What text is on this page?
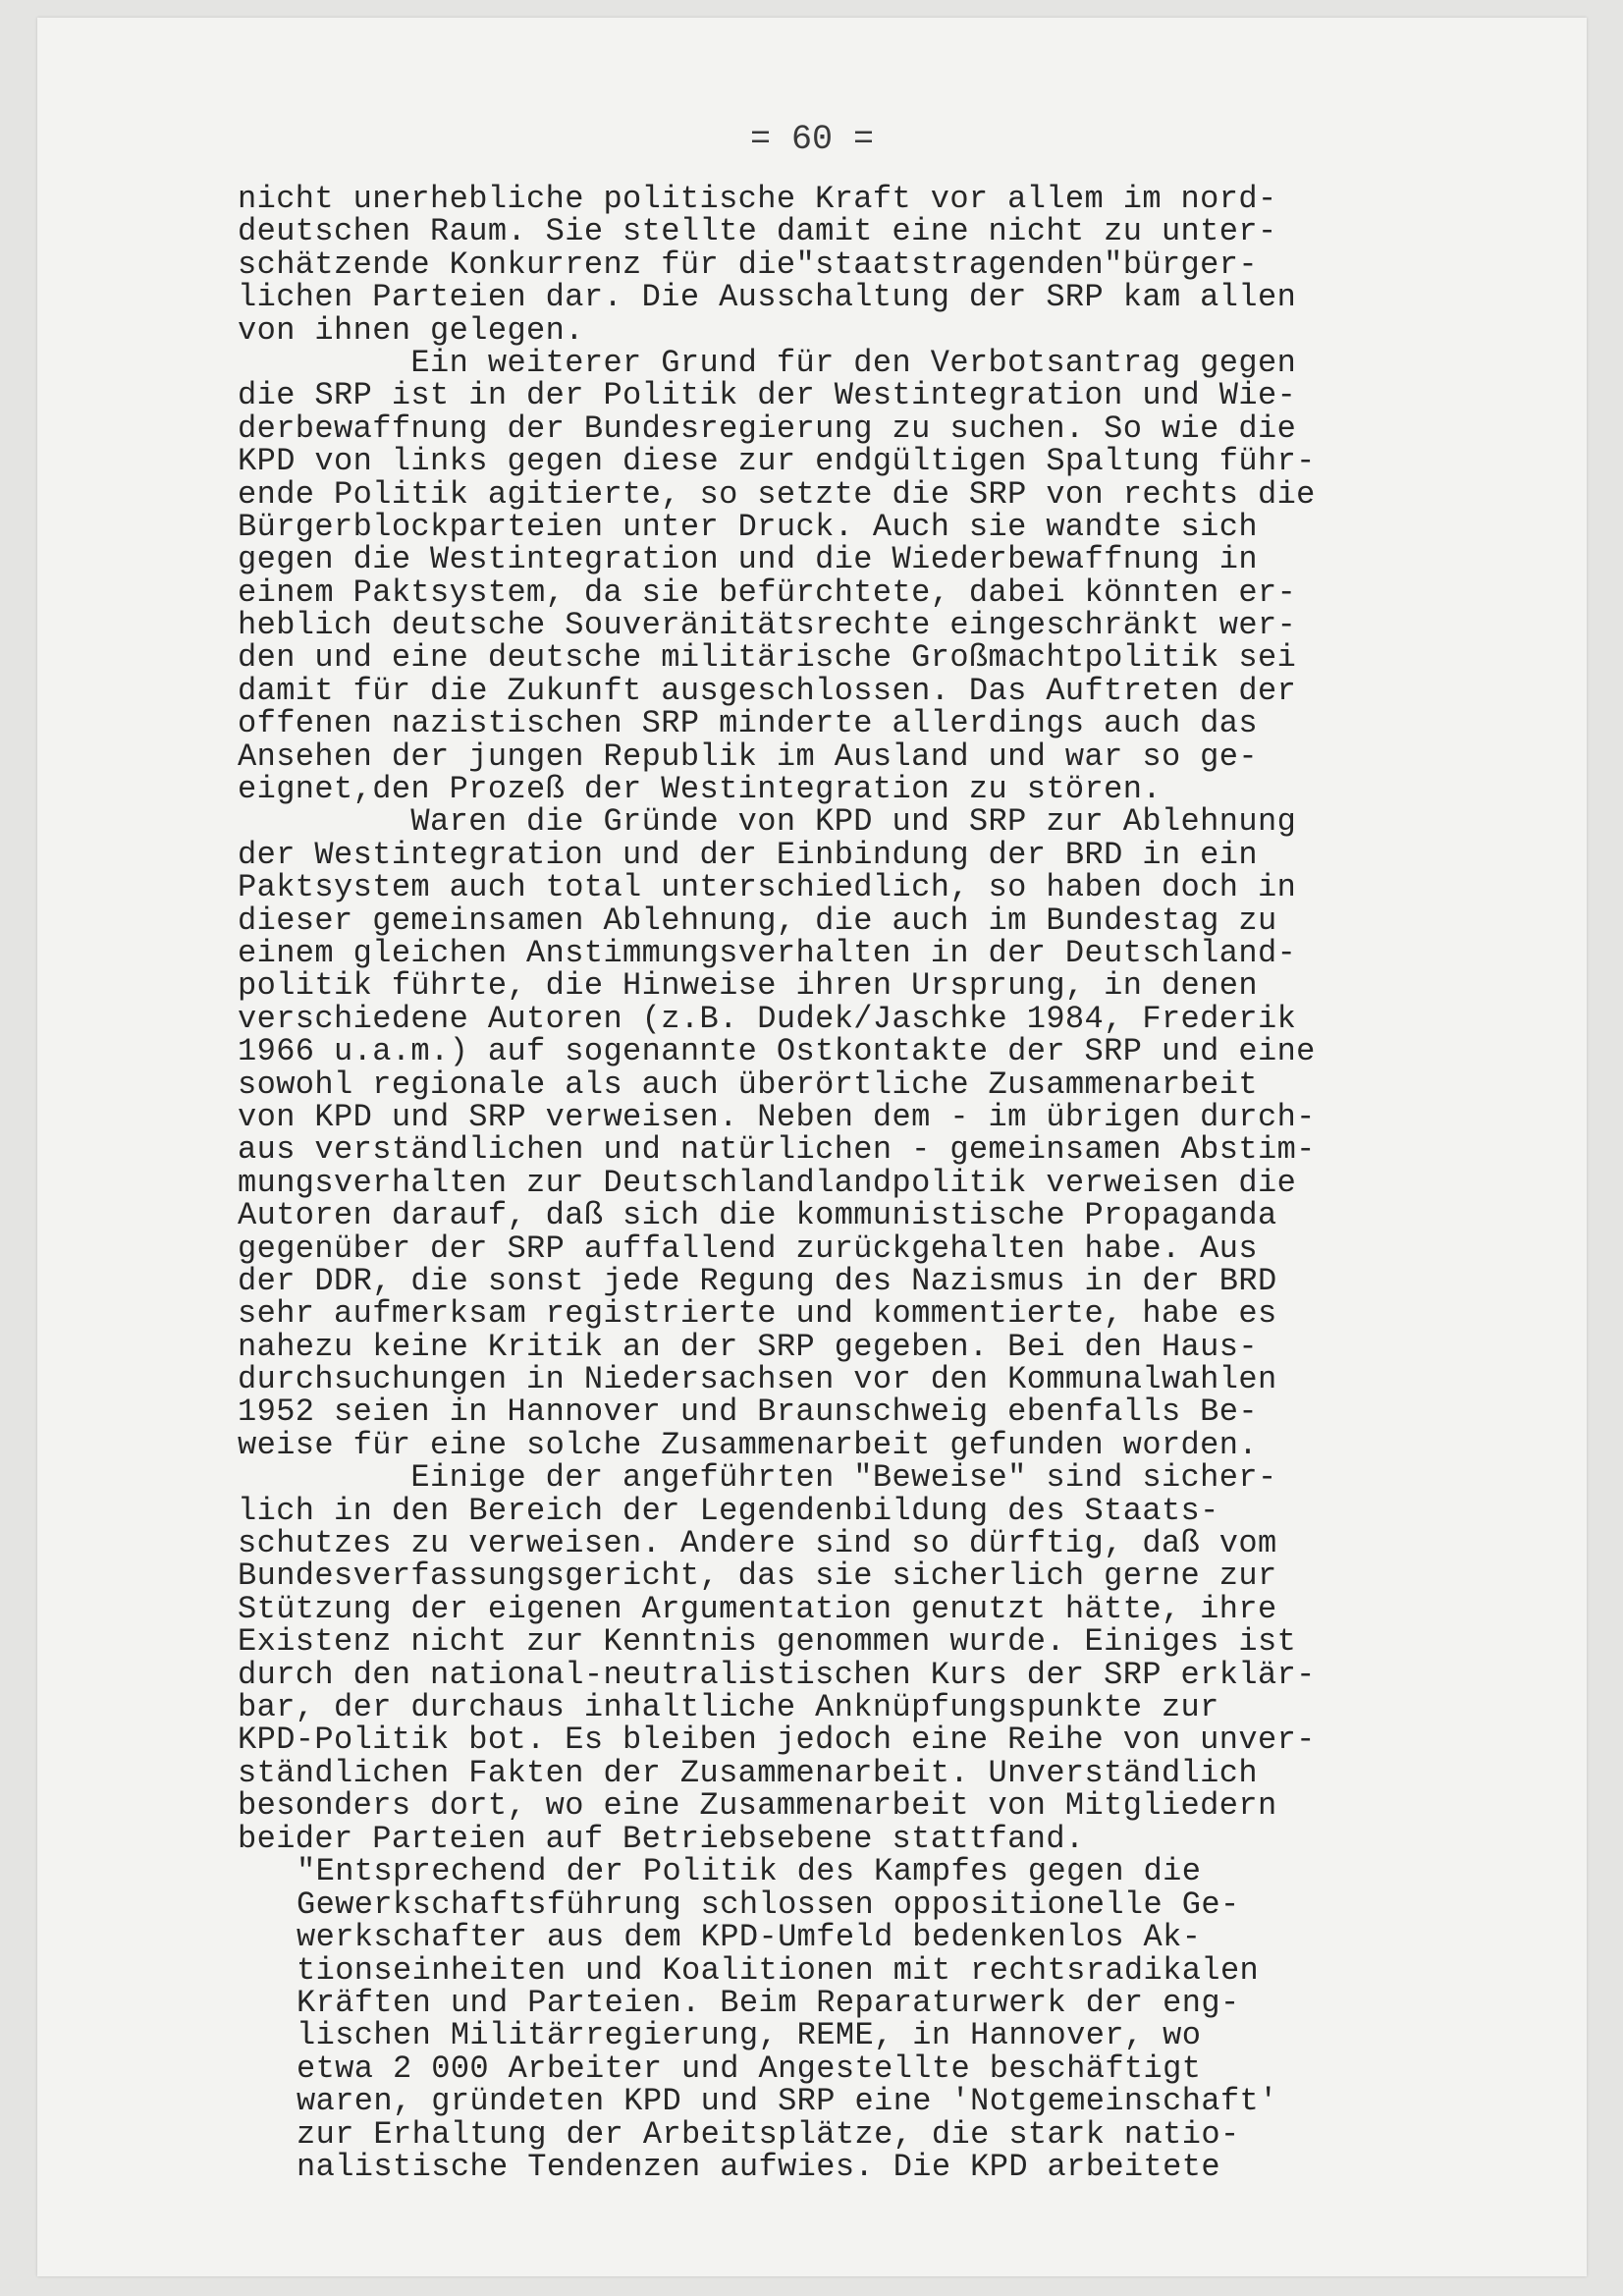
= 60 =
nicht unerhebliche politische Kraft vor allem im nord-
deutschen Raum. Sie stellte damit eine nicht zu unter-
schätzende Konkurrenz für die"staatstragenden"bürger-
lichen Parteien dar. Die Ausschaltung der SRP kam allen
von ihnen gelegen.
Ein weiterer Grund für den Verbotsantrag gegen
die SRP ist in der Politik der Westintegration und Wie-
derbewaffnung der Bundesregierung zu suchen. So wie die
KPD von links gegen diese zur endgültigen Spaltung führ-
ende Politik agitierte, so setzte die SRP von rechts die
Bürgerblockparteien unter Druck. Auch sie wandte sich
gegen die Westintegration und die Wiederbewaffnung in
einem Paktsystem, da sie befürchtete, dabei könnten er-
heblich deutsche Souveränitätsrechte eingeschränkt wer-
den und eine deutsche militärische Großmachtpolitik sei
damit für die Zukunft ausgeschlossen. Das Auftreten der
offenen nazistischen SRP minderte allerdings auch das
Ansehen der jungen Republik im Ausland und war so ge-
eignet,den Prozeß der Westintegration zu stören.
Waren die Gründe von KPD und SRP zur Ablehnung
der Westintegration und der Einbindung der BRD in ein
Paktsystem auch total unterschiedlich, so haben doch in
dieser gemeinsamen Ablehnung, die auch im Bundestag zu
einem gleichen Anstimmungsverhalten in der Deutschland-
politik führte, die Hinweise ihren Ursprung, in denen
verschiedene Autoren (z.B. Dudek/Jaschke 1984, Frederik
1966 u.a.m.) auf sogenannte Ostkontakte der SRP und eine
sowohl regionale als auch überörtliche Zusammenarbeit
von KPD und SRP verweisen. Neben dem - im übrigen durch-
aus verständlichen und natürlichen - gemeinsamen Abstim-
mungsverhalten zur Deutschlandlandpolitik verweisen die
Autoren darauf, daß sich die kommunistische Propaganda
gegenüber der SRP auffallend zurückgehalten habe. Aus
der DDR, die sonst jede Regung des Nazismus in der BRD
sehr aufmerksam registrierte und kommentierte, habe es
nahezu keine Kritik an der SRP gegeben. Bei den Haus-
durchsuchungen in Niedersachsen vor den Kommunalwahlen
1952 seien in Hannover und Braunschweig ebenfalls Be-
weise für eine solche Zusammenarbeit gefunden worden.
Einige der angeführten "Beweise" sind sicher-
lich in den Bereich der Legendenbildung des Staats-
schutzes zu verweisen. Andere sind so dürftig, daß vom
Bundesverfassungsgericht, das sie sicherlich gerne zur
Stützung der eigenen Argumentation genutzt hätte, ihre
Existenz nicht zur Kenntnis genommen wurde. Einiges ist
durch den national-neutralistischen Kurs der SRP erklär-
bar, der durchaus inhaltliche Anknüpfungspunkte zur
KPD-Politik bot. Es bleiben jedoch eine Reihe von unver-
ständlichen Fakten der Zusammenarbeit. Unverständlich
besonders dort, wo eine Zusammenarbeit von Mitgliedern
beider Parteien auf Betriebsebene stattfand.
"Entsprechend der Politik des Kampfes gegen die
Gewerkschaftsführung schlossen oppositionelle Ge-
werkschafter aus dem KPD-Umfeld bedenkenlos Ak-
tionseinheiten und Koalitionen mit rechtsradikalen
Kräften und Parteien. Beim Reparaturwerk der eng-
lischen Militärregierung, REME, in Hannover, wo
etwa 2 000 Arbeiter und Angestellte beschäftigt
waren, gründeten KPD und SRP eine 'Notgemeinschaft'
zur Erhaltung der Arbeitsplätze, die stark natio-
nalistische Tendenzen aufwies. Die KPD arbeitete
